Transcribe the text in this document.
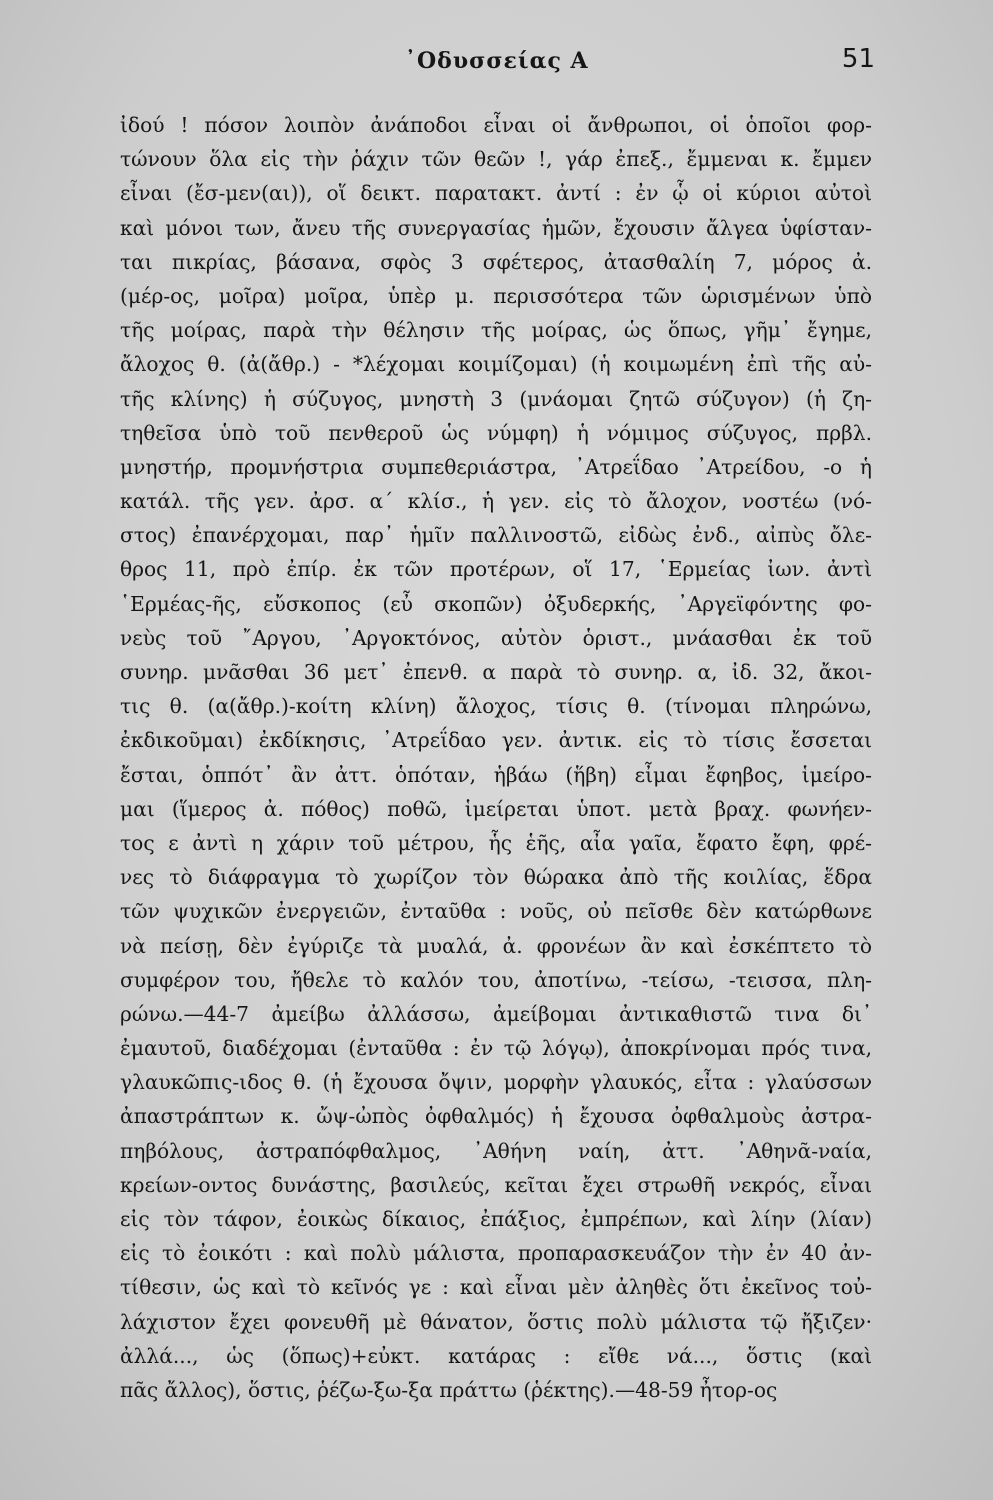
᾽Οδυσσείας Α	51
ἰδού ! πόσον λοιπὸν ἀνάποδοι εἶναι οἱ ἄνθρωποι, οἱ ὁποῖοι φορ-
τώνουν ὅλα εἰς τὴν ῥάχιν τῶν θεῶν !, γάρ ἐπεξ., ἔμμεναι κ. ἔμμεν
εἶναι (ἔσ-μεν(αι)), οἵ δεικτ. παρατακτ. ἀντί : ἐν ᾧ οἱ κύριοι αὐτοὶ
καὶ μόνοι των, ἄνευ τῆς συνεργασίας ἡμῶν, ἔχουσιν ἄλγεα ὑφίσταν-
ται πικρίας, βάσανα, σφὸς 3 σφέτερος, ἀτασθαλίη 7, μόρος ἀ.
(μέρ-ος, μοῖρα) μοῖρα, ὑπὲρ μ. περισσότερα τῶν ὡρισμένων ὑπὸ
τῆς μοίρας, παρὰ τὴν θέλησιν τῆς μοίρας, ὡς ὅπως, γῆμ᾽ ἔγημε,
ἄλοχος θ. (ἀ(ἄθρ.) - *λέχομαι κοιμίζομαι) (ἡ κοιμωμένη ἐπὶ τῆς αὐ-
τῆς κλίνης) ἡ σύζυγος, μνηστὴ 3 (μνάομαι ζητῶ σύζυγον) (ἡ ζη-
τηθεῖσα ὑπὸ τοῦ πενθεροῦ ὡς νύμφη) ἡ νόμιμος σύζυγος, πρβλ.
μνηστήρ, προμνήστρια συμπεθεριάστρα, ᾽Ατρεΐδαο ᾽Ατρείδου, -ο ἡ
κατάλ. τῆς γεν. ἀρσ. α΄ κλίσ., ἡ γεν. εἰς τὸ ἄλοχον, νοστέω (νό-
στος) ἐπανέρχομαι, παρ᾽ ἡμῖν παλλινοστῶ, εἰδὼς ἐνδ., αἰπὺς ὄλε-
θρος 11, πρὸ ἐπίρ. ἐκ τῶν προτέρων, οἵ 17, ῾Ερμείας ἰων. ἀντὶ
῾Ερμέας-ῆς, εὔσκοπος (εὖ σκοπῶν) ὀξυδερκής, ᾽Αργεϊφόντης φο-
νεὺς τοῦ ῎Αργου, ᾽Αργοκτόνος, αὐτὸν ὁριστ., μνάασθαι ἐκ τοῦ
συνηρ. μνᾶσθαι 36 μετ᾽ ἐπενθ. α παρὰ τὸ συνηρ. α, ἰδ. 32, ἄκοι-
τις θ. (α(ἄθρ.)-κοίτη κλίνη) ἄλοχος, τίσις θ. (τίνομαι πληρώνω,
ἐκδικοῦμαι) ἐκδίκησις, ᾽Ατρεΐδαο γεν. ἀντικ. εἰς τὸ τίσις ἔσσεται
ἔσται, ὁππότ᾽ ἂν ἀττ. ὁπόταν, ἡβάω (ἥβη) εἶμαι ἔφηβος, ἱμείρο-
μαι (ἵμερος ἀ. πόθος) ποθῶ, ἱμείρεται ὑποτ. μετὰ βραχ. φωνήεν-
τος ε ἀντὶ η χάριν τοῦ μέτρου, ἧς ἑῆς, αἶα γαῖα, ἔφατο ἔφη, φρέ-
νες τὸ διάφραγμα τὸ χωρίζον τὸν θώρακα ἀπὸ τῆς κοιλίας, ἕδρα
τῶν ψυχικῶν ἐνεργειῶν, ἐνταῦθα : νοῦς, οὐ πεῖσθε δὲν κατώρθωνε
νὰ πείσῃ, δὲν ἐγύριζε τὰ μυαλά, ἀ. φρονέων ἂν καὶ ἐσκέπτετο τὸ
συμφέρον του, ἤθελε τὸ καλόν του, ἀποτίνω, -τείσω, -τεισσα, πλη-
ρώνω.—44-7 ἀμείβω ἀλλάσσω, ἀμείβομαι ἀντικαθιστῶ τινα δι᾽
ἐμαυτοῦ, διαδέχομαι (ἐνταῦθα : ἐν τῷ λόγῳ), ἀποκρίνομαι πρός τινα,
γλαυκῶπις-ιδος θ. (ἡ ἔχουσα ὄψιν, μορφὴν γλαυκός, εἶτα : γλαύσσων
ἀπαστράπτων κ. ὤψ-ὠπὸς ὀφθαλμός) ἡ ἔχουσα ὀφθαλμοὺς ἀστρα-
πηβόλους, ἀστραπόφθαλμος, ᾽Αθήνη ναίη, ἀττ. ᾽Αθηνᾶ-ναία,
κρείων-οντος δυνάστης, βασιλεύς, κεῖται ἔχει στρωθῆ νεκρός, εἶναι
εἰς τὸν τάφον, ἐοικὼς δίκαιος, ἐπάξιος, ἐμπρέπων, καὶ λίην (λίαν)
εἰς τὸ ἐοικότι : καὶ πολὺ μάλιστα, προπαρασκευάζον τὴν ἐν 40 ἀν-
τίθεσιν, ὡς καὶ τὸ κεῖνός γε : καὶ εἶναι μὲν ἀληθὲς ὅτι ἐκεῖνος τοὐ-
λάχιστον ἔχει φονευθῆ μὲ θάνατον, ὅστις πολὺ μάλιστα τῷ ἤξιζεν·
ἀλλά..., ὡς (ὅπως)+εὐκτ. κατάρας : εἴθε νά..., ὅστις (καὶ
πᾶς ἄλλος), ὅστις, ῥέζω-ξω-ξα πράττω (ῥέκτης).—48-59 ἦτορ-ος
